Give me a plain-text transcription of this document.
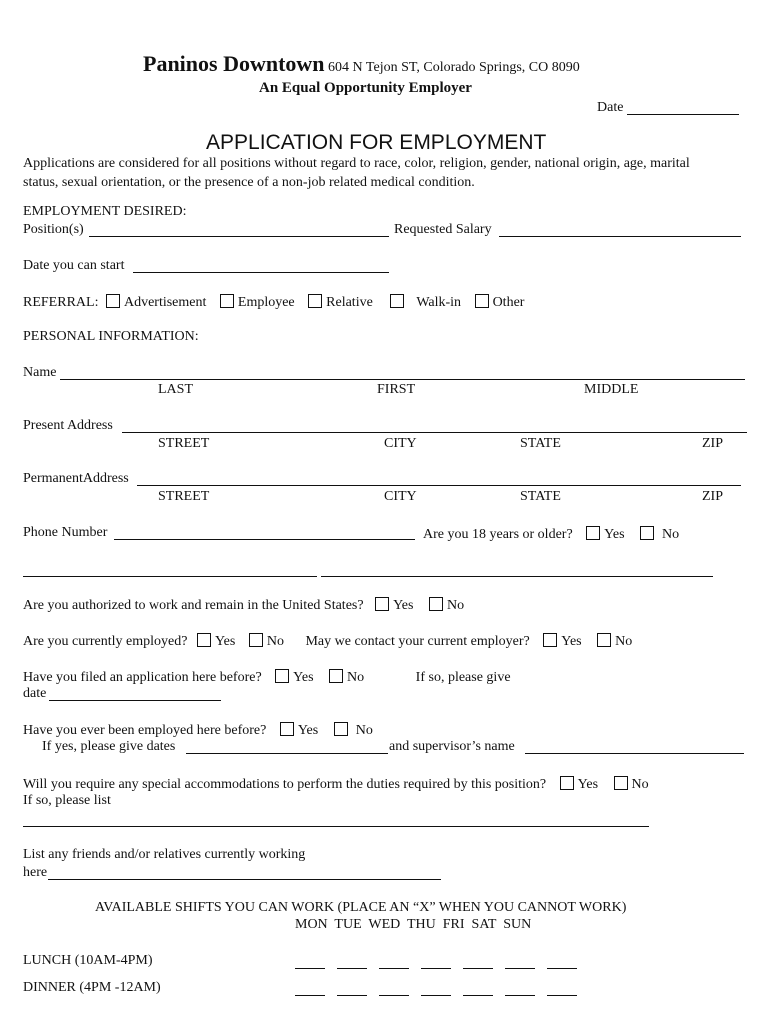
Paninos Downtown 604 N Tejon ST, Colorado Springs, CO 8090
An Equal Opportunity Employer
Date
APPLICATION FOR EMPLOYMENT
Applications are considered for all positions without regard to race, color, religion, gender, national origin, age, marital
status, sexual orientation, or the presence of a non-job related medical condition.
EMPLOYMENT DESIRED:
Position(s)	Requested Salary
Date you can start
REFERRAL: Advertisement Employee Relative	Walk-in Other
PERSONAL INFORMATION:
Name
LAST	FIRST	MIDDLE
Present Address
STREET	CITY	STATE	ZIP
PermanentAddress
STREET	CITY	STATE	ZIP
Phone Number	Are you 18 years or older? Yes	No
Are you authorized to work and remain in the United States? Yes No
Are you currently employed? Yes No May we contact your current employer? Yes No
Have you filed an application here before? Yes No	If so, please give
date
Have you ever been employed here before? Yes	No
If yes, please give dates	and supervisor’s name
Will you require any special accommodations to perform the duties required by this position? Yes No
If so, please list
List any friends and/or relatives currently working
here
AVAILABLE SHIFTS YOU CAN WORK (PLACE AN “X” WHEN YOU CANNOT WORK)
MON  TUE  WED  THU  FRI  SAT  SUN
LUNCH (10AM-4PM)
DINNER (4PM -12AM)
